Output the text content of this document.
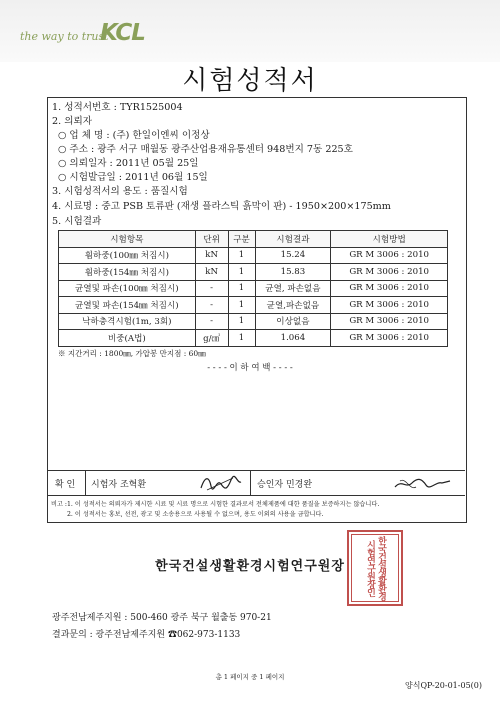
the way to trust
KCL
시험성적서
1. 성적서번호 : TYR1525004
2. 의뢰자
○ 업 체 명 : (주) 한일이엔씨 이정상
○ 주소 : 광주 서구 매월동 광주산업용재유통센터 948번지 7동 225호
○ 의뢰일자 : 2011년 05월 25일
○ 시험발급일 : 2011년 06월 15일
3. 시험성적서의 용도 : 품질시험
4. 시료명 : 중고 PSB 토류판 (재생 플라스틱 흙막이 판) - 1950×200×175mm
5. 시험결과
시험항목	단위	구분	시험결과	시험방법
휨하중(100㎜ 처짐시)	kN	1	15.24	GR M 3006 : 2010
휨하중(154㎜ 처짐시)	kN	1	15.83	GR M 3006 : 2010
균열및 파손(100㎜ 처짐시)	-	1	균열, 파손없음	GR M 3006 : 2010
균열및 파손(154㎜ 처짐시)	-	1	균열,파손없음	GR M 3006 : 2010
낙하충격시험(1m, 3회)	-	1	이상없음	GR M 3006 : 2010
비중(A법)	g/㎤	1	1.064	GR M 3006 : 2010
※ 지간거리 : 1800㎜, 가압봉 만지점 : 60㎜
- - - - 이 하 여 백 - - - -
확 인 시험자 조혁환	승인자 민경완
비고 : 1. 이 성적서는 의뢰자가 제시한 시료 및 시료 명으로 시험한 결과로서 전체제품에 대한 품질을 보증하지는 않습니다.
2. 이 성적서는 홍보, 선전, 광고 및 소송용으로 사용될 수 없으며, 용도 이외의 사용을 금합니다.
한국건설생활환경시험연구원장	한국건설생활환경시험연구원장인
광주전남제주지원 : 500-460 광주 북구 월출동 970-21
결과문의 : 광주전남제주지원 ☎062-973-1133
총 1 페이지 중 1 페이지
양식QP-20-01-05(0)
